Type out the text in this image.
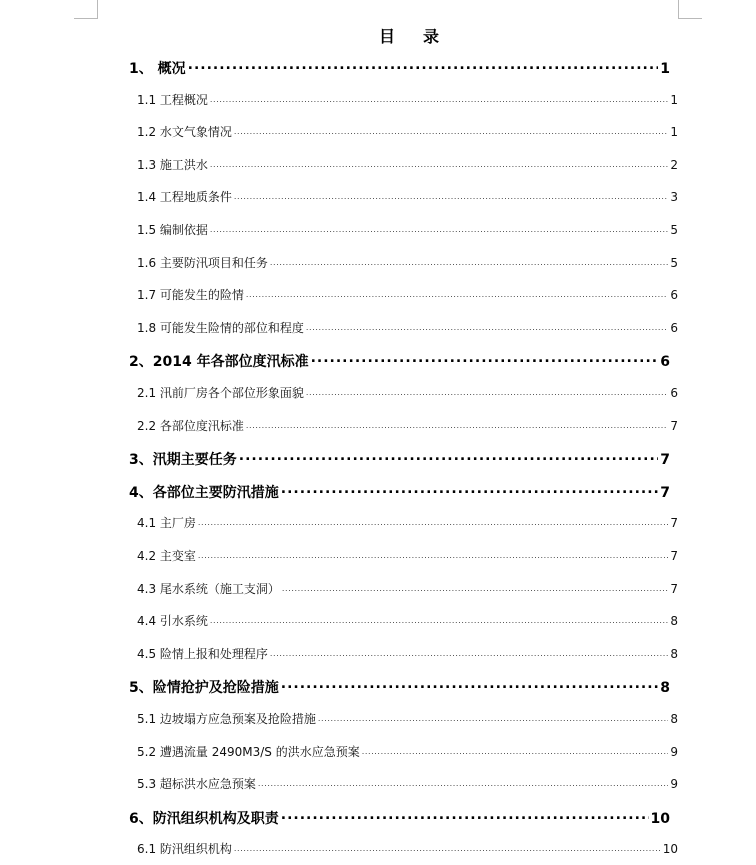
目　录
1、 概况 .....	1
1.1 工程概况 .....	1
1.2 水文气象情况 .....	1
1.3 施工洪水 .....	2
1.4 工程地质条件 .....	3
1.5 编制依据 .....	5
1.6 主要防汛项目和任务 .....	5
1.7 可能发生的险情 .....	6
1.8 可能发生险情的部位和程度 .....	6
2、2014 年各部位度汛标准 .....	6
2.1 汛前厂房各个部位形象面貌 .....	6
2.2 各部位度汛标准 .....	7
3、汛期主要任务 .....	7
4、各部位主要防汛措施 .....	7
4.1 主厂房 .....	7
4.2 主变室 .....	7
4.3 尾水系统（施工支洞） .....	7
4.4 引水系统 .....	8
4.5 险情上报和处理程序 .....	8
5、险情抢护及抢险措施 .....	8
5.1 边坡塌方应急预案及抢险措施 .....	8
5.2 遭遇流量 2490M3/S 的洪水应急预案 .....	9
5.3 超标洪水应急预案 .....	9
6、防汛组织机构及职责 .....	10
6.1 防汛组织机构 .....	10
